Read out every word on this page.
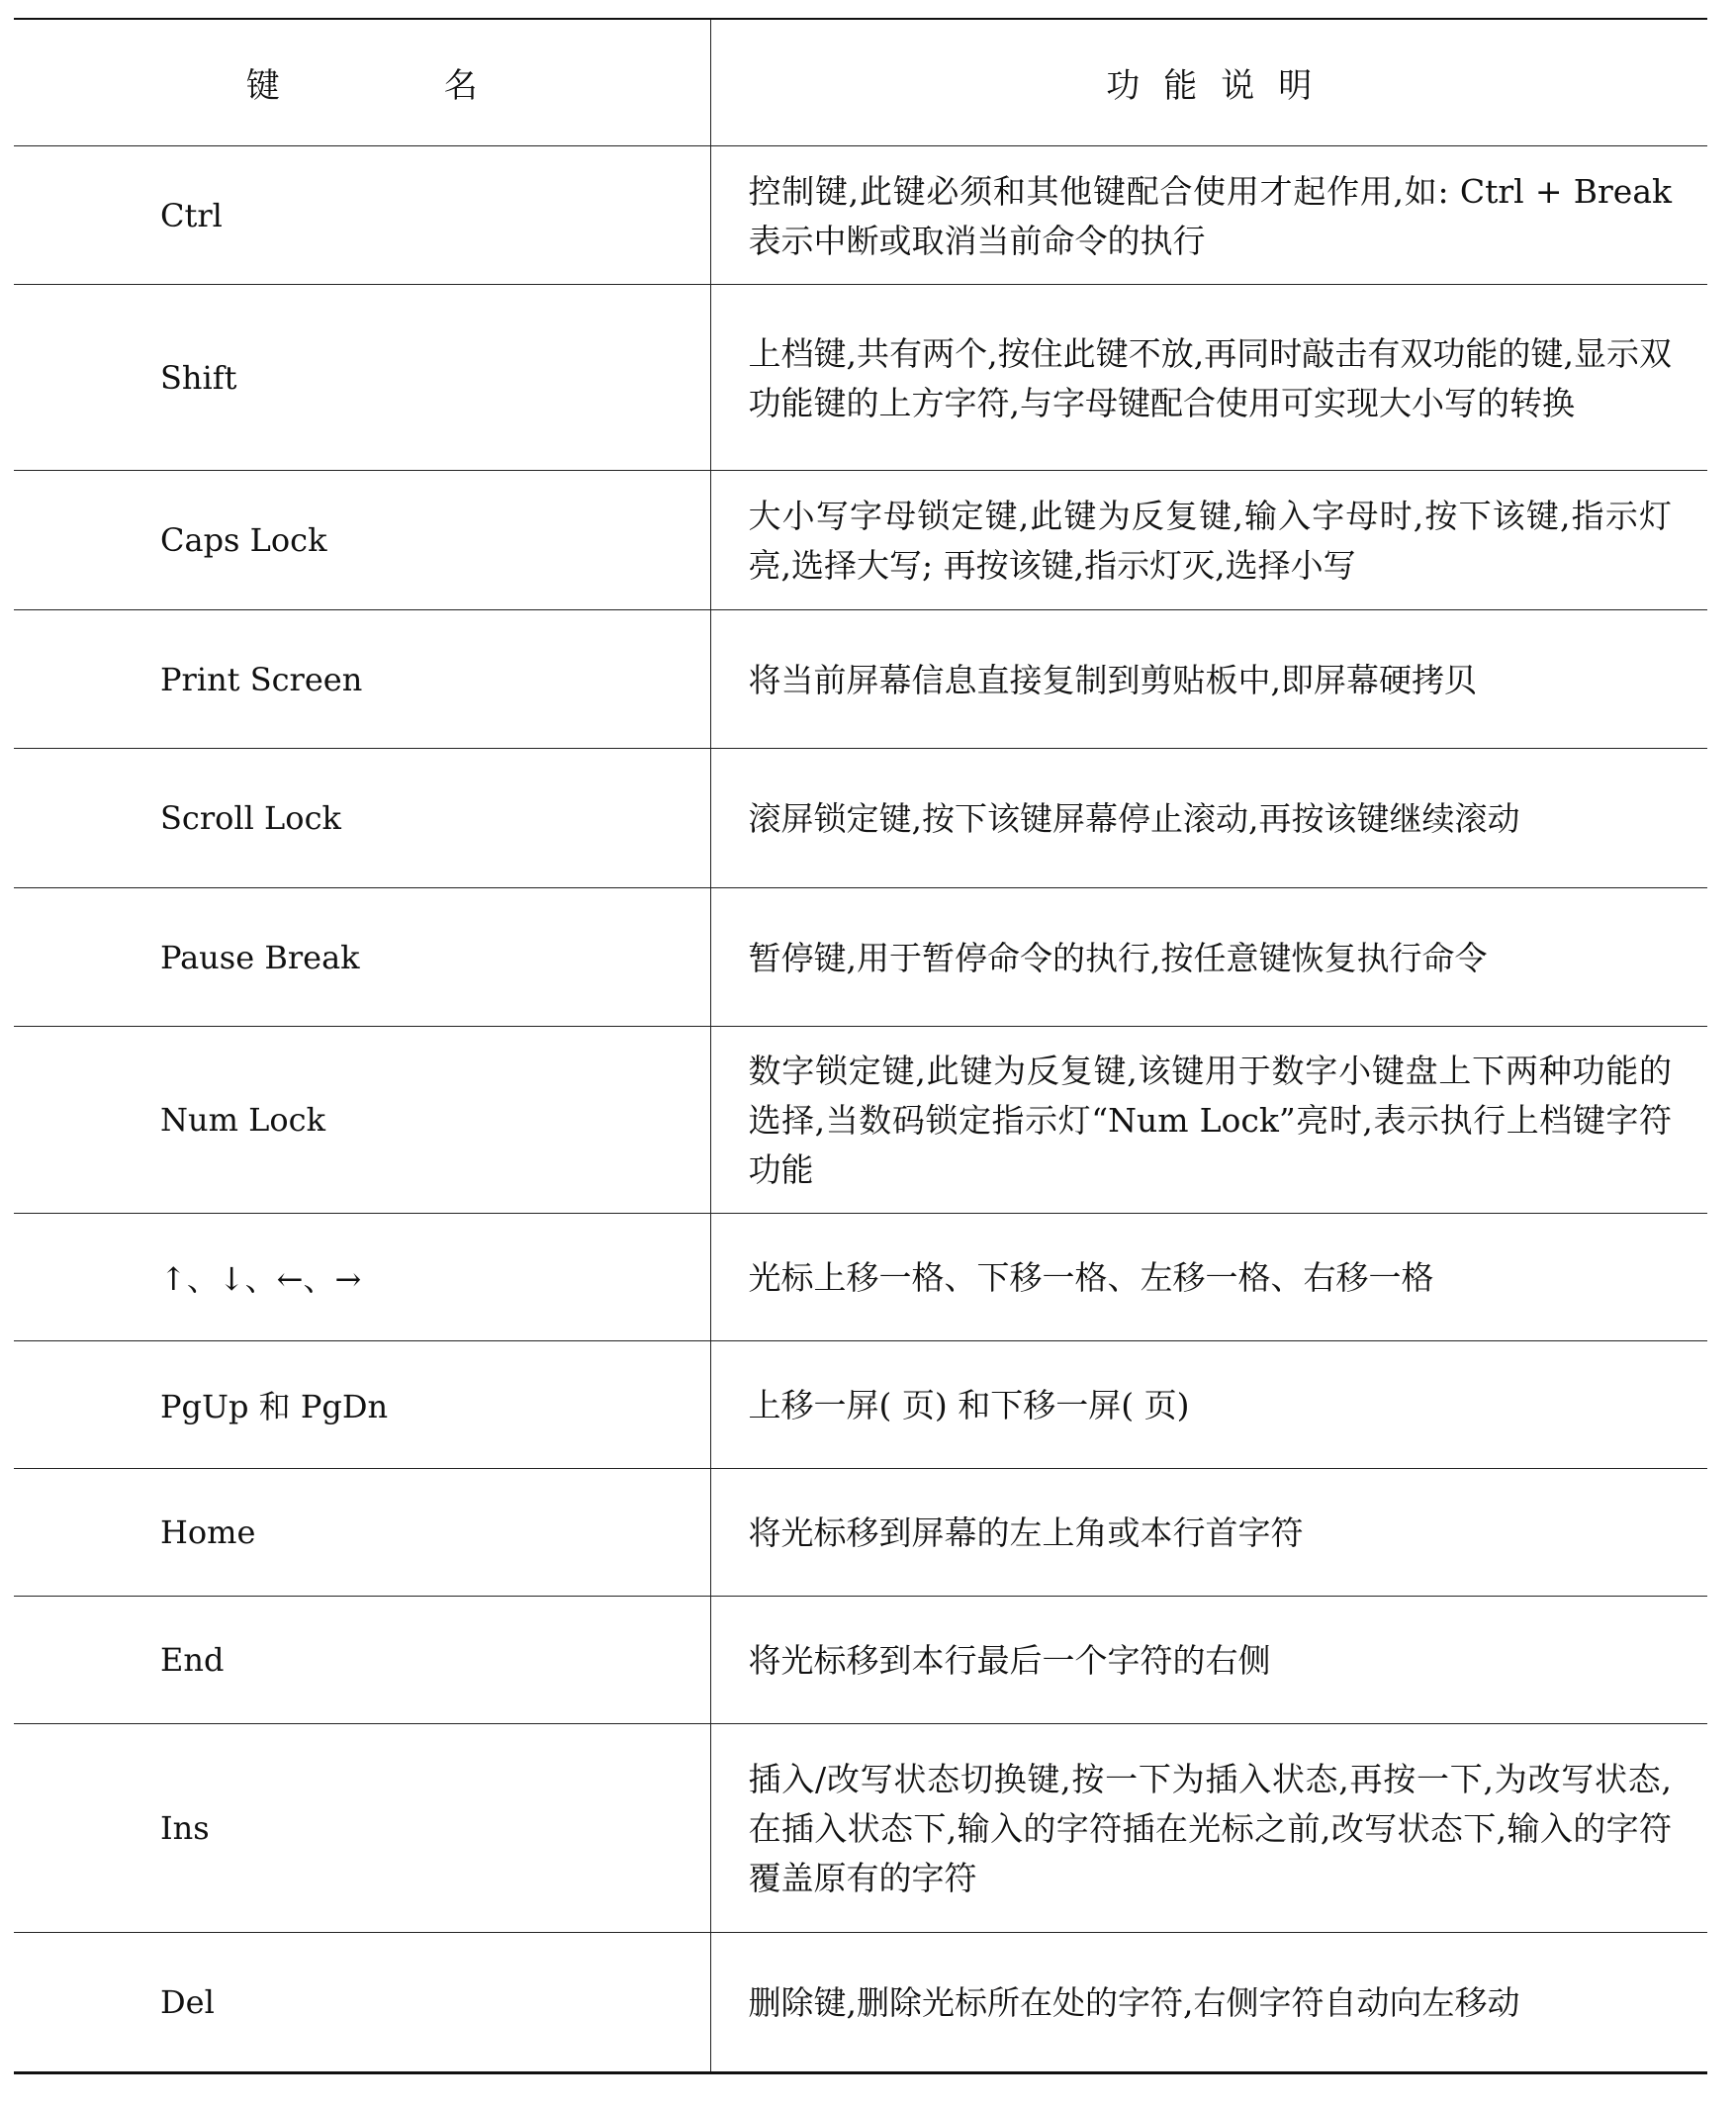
键　名	功能说明
Ctrl	控制键,此键必须和其他键配合使用才起作用,如: Ctrl + Break 表示中断或取消当前命令的执行
Shift	上档键,共有两个,按住此键不放,再同时敲击有双功能的键,显示双功能键的上方字符,与字母键配合使用可实现大小写的转换
Caps Lock	大小写字母锁定键,此键为反复键,输入字母时,按下该键,指示灯亮,选择大写; 再按该键,指示灯灭,选择小写
Print Screen	将当前屏幕信息直接复制到剪贴板中,即屏幕硬拷贝
Scroll Lock	滚屏锁定键,按下该键屏幕停止滚动,再按该键继续滚动
Pause Break	暂停键,用于暂停命令的执行,按任意键恢复执行命令
Num Lock	数字锁定键,此键为反复键,该键用于数字小键盘上下两种功能的选择,当数码锁定指示灯“Num Lock”亮时,表示执行上档键字符功能
↑、↓、←、→	光标上移一格、下移一格、左移一格、右移一格
PgUp 和 PgDn	上移一屏( 页) 和下移一屏( 页)
Home	将光标移到屏幕的左上角或本行首字符
End	将光标移到本行最后一个字符的右侧
Ins	插入/改写状态切换键,按一下为插入状态,再按一下,为改写状态,在插入状态下,输入的字符插在光标之前,改写状态下,输入的字符覆盖原有的字符
Del	删除键,删除光标所在处的字符,右侧字符自动向左移动
